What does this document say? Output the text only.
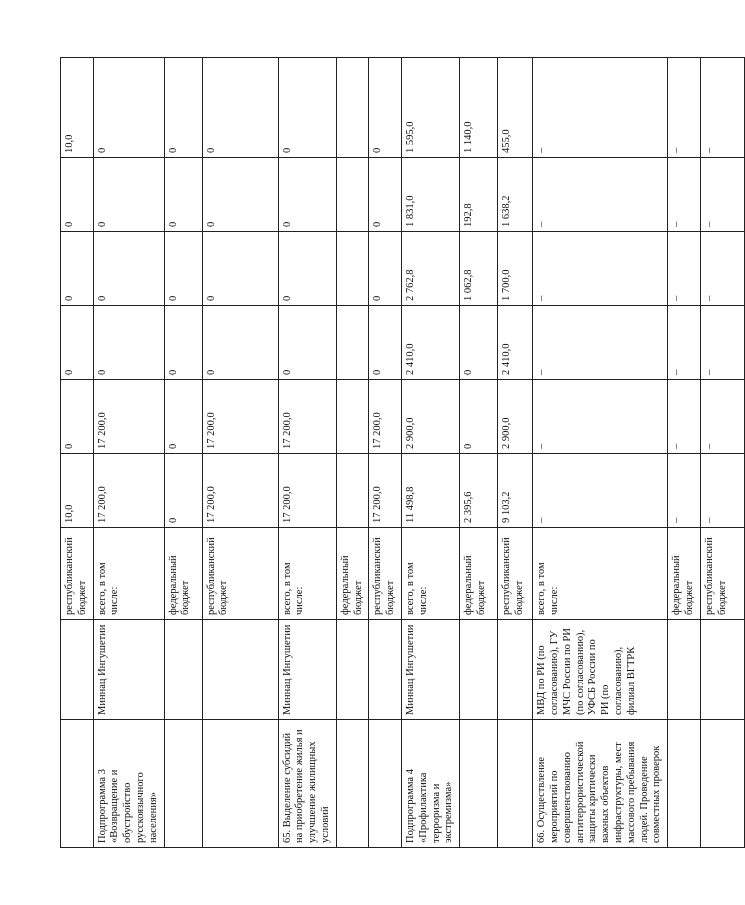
		республиканский бюджет	10,0	0	0	0	0	10,0
Подпрограмма 3 «Возвращение и обустройство русскоязычного населения»	Миннац Ингушетии	всего, в том числе:	17 200,0	17 200,0	0	0	0	0
		федеральный бюджет	0	0	0	0	0	0
		республиканский бюджет	17 200,0	17 200,0	0	0	0	0
65. Выделение субсидий на приобретение жилья и улучшение жилищных условий	Миннац Ингушетии	всего, в том числе:	17 200,0	17 200,0	0	0	0	0
		федеральный бюджет						
		республиканский бюджет	17 200,0	17 200,0	0	0	0	0
Подпрограмма 4 «Профилактика терроризма и экстремизма»	Миннац Ингушетии	всего, в том числе:	11 498,8	2 900,0	2 410,0	2 762,8	1 831,0	1 595,0
		федеральный бюджет	2 395,6	0	0	1 062,8	192,8	1 140,0
		республиканский бюджет	9 103,2	2 900,0	2 410,0	1 700,0	1 638,2	455,0
66. Осуществление мероприятий по совершенствованию антитеррористической защиты критически важных объектов инфраструктуры, мест массового пребывания людей. Проведение совместных проверок	МВД по РИ (по согласованию), ГУ МЧС России по РИ (по согласованию), УФСБ России по РИ (по согласованию), филиал ВГТРК	всего, в том числе:	–	–	–	–	–	–
		федеральный бюджет	–	–	–	–	–	–
		республиканский бюджет	–	–	–	–	–	–
